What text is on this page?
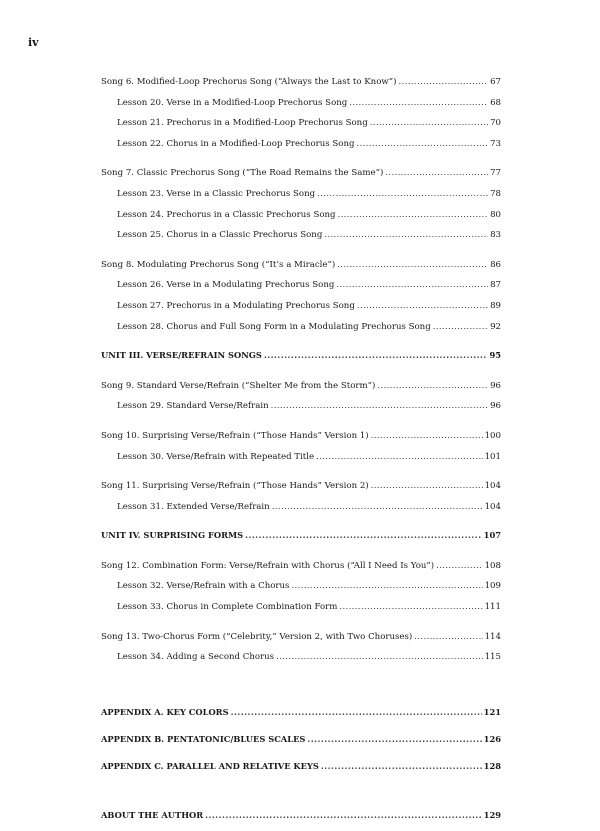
iv
Song 6. Modified-Loop Prechorus Song (“Always the Last to Know”) . . .	67
Lesson 20. Verse in a Modified-Loop Prechorus Song . . .	68
Lesson 21. Prechorus in a Modified-Loop Prechorus Song . . .	70
Lesson 22. Chorus in a Modified-Loop Prechorus Song . . .	73
Song 7. Classic Prechorus Song (“The Road Remains the Same”) . . .	77
Lesson 23. Verse in a Classic Prechorus Song . . .	78
Lesson 24. Prechorus in a Classic Prechorus Song . . .	80
Lesson 25. Chorus in a Classic Prechorus Song . . .	83
Song 8. Modulating Prechorus Song (“It’s a Miracle”) . . .	86
Lesson 26. Verse in a Modulating Prechorus Song . . .	87
Lesson 27. Prechorus in a Modulating Prechorus Song . . .	89
Lesson 28. Chorus and Full Song Form in a Modulating Prechorus Song . . .	92
UNIT III. VERSE/REFRAIN SONGS . . .	95
Song 9. Standard Verse/Refrain (“Shelter Me from the Storm”) . . .	96
Lesson 29. Standard Verse/Refrain . . .	96
Song 10. Surprising Verse/Refrain (“Those Hands” Version 1) . . .	100
Lesson 30. Verse/Refrain with Repeated Title . . .	101
Song 11. Surprising Verse/Refrain (“Those Hands” Version 2) . . .	104
Lesson 31. Extended Verse/Refrain . . .	104
UNIT IV. SURPRISING FORMS . . .	107
Song 12. Combination Form: Verse/Refrain with Chorus (“All I Need Is You”) . . .	108
Lesson 32. Verse/Refrain with a Chorus . . .	109
Lesson 33. Chorus in Complete Combination Form . . .	111
Song 13. Two-Chorus Form (“Celebrity,” Version 2, with Two Choruses) . . .	114
Lesson 34. Adding a Second Chorus . . .	115
APPENDIX A. KEY COLORS . . .	121
APPENDIX B. PENTATONIC/BLUES SCALES . . .	126
APPENDIX C. PARALLEL AND RELATIVE KEYS . . .	128
ABOUT THE AUTHOR . . .	129
